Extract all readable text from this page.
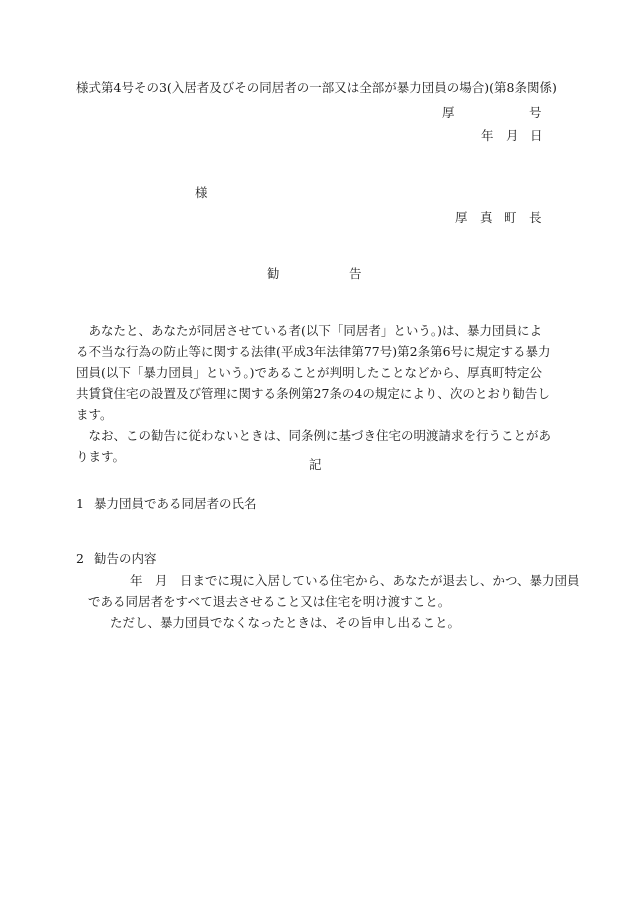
様式第4号その3(入居者及びその同居者の一部又は全部が暴力団員の場合)(第8条関係)
厚	号
年 月 日
様
厚 真 町 長
勧	告

あなたと、あなたが同居させている者(以下「同居者」という。)は、暴力団員による不当な行為の防止等に関する法律(平成3年法律第77号)第2条第6号に規定する暴力団員(以下「暴力団員」という。)であることが判明したことなどから、厚真町特定公共賃貸住宅の設置及び管理に関する条例第27条の4の規定により、次のとおり勧告します。

なお、この勧告に従わないときは、同条例に基づき住宅の明渡請求を行うことがあります。

記
1 暴力団員である同居者の氏名
2 勧告の内容
年　月　日までに現に入居している住宅から、あなたが退去し、かつ、暴力団員
である同居者をすべて退去させること又は住宅を明け渡すこと。
ただし、暴力団員でなくなったときは、その旨申し出ること。
